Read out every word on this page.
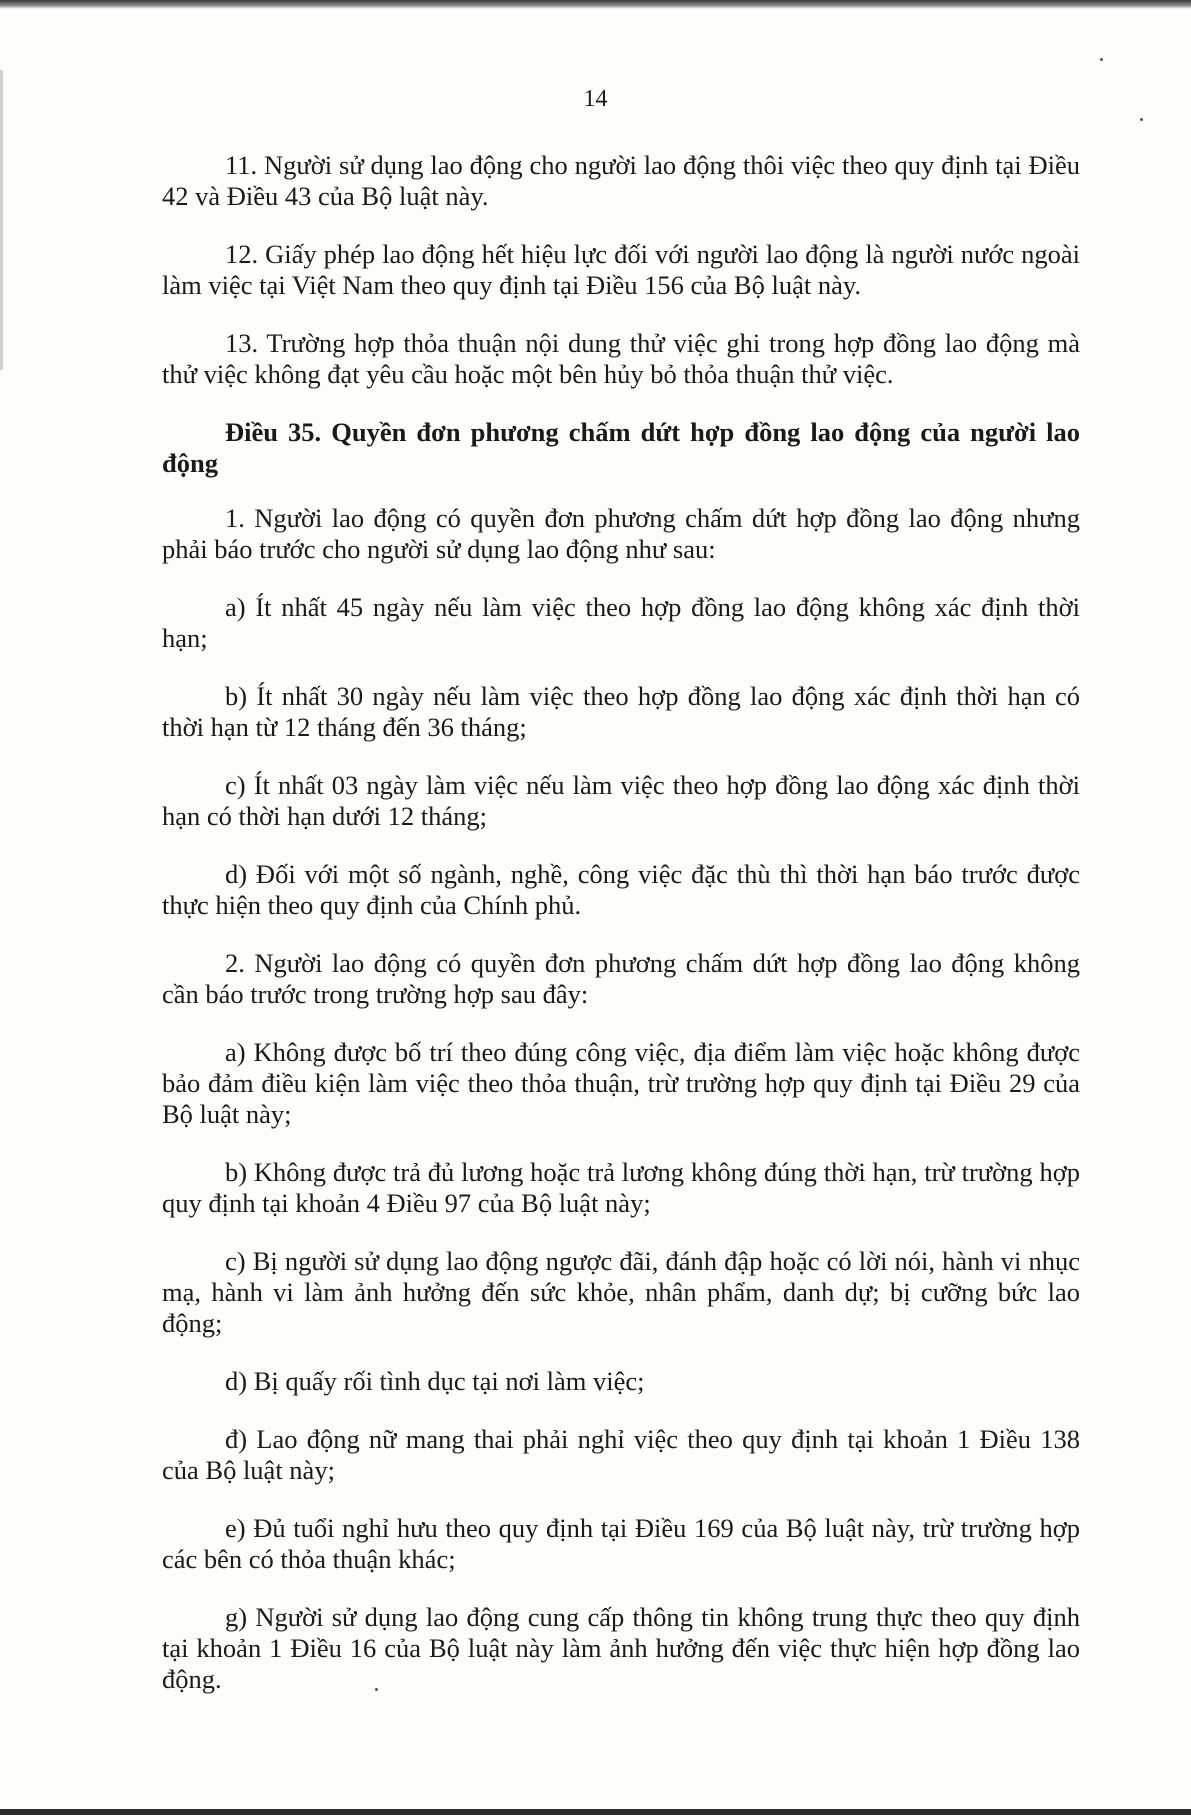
14

11. Người sử dụng lao động cho người lao động thôi việc theo quy định tại Điều 42 và Điều 43 của Bộ luật này.

12. Giấy phép lao động hết hiệu lực đối với người lao động là người nước ngoài làm việc tại Việt Nam theo quy định tại Điều 156 của Bộ luật này.

13. Trường hợp thỏa thuận nội dung thử việc ghi trong hợp đồng lao động mà thử việc không đạt yêu cầu hoặc một bên hủy bỏ thỏa thuận thử việc.

Điều 35. Quyền đơn phương chấm dứt hợp đồng lao động của người lao động

1. Người lao động có quyền đơn phương chấm dứt hợp đồng lao động nhưng phải báo trước cho người sử dụng lao động như sau:

a) Ít nhất 45 ngày nếu làm việc theo hợp đồng lao động không xác định thời hạn;

b) Ít nhất 30 ngày nếu làm việc theo hợp đồng lao động xác định thời hạn có thời hạn từ 12 tháng đến 36 tháng;

c) Ít nhất 03 ngày làm việc nếu làm việc theo hợp đồng lao động xác định thời hạn có thời hạn dưới 12 tháng;

d) Đối với một số ngành, nghề, công việc đặc thù thì thời hạn báo trước được thực hiện theo quy định của Chính phủ.

2. Người lao động có quyền đơn phương chấm dứt hợp đồng lao động không cần báo trước trong trường hợp sau đây:

a) Không được bố trí theo đúng công việc, địa điểm làm việc hoặc không được bảo đảm điều kiện làm việc theo thỏa thuận, trừ trường hợp quy định tại Điều 29 của Bộ luật này;

b) Không được trả đủ lương hoặc trả lương không đúng thời hạn, trừ trường hợp quy định tại khoản 4 Điều 97 của Bộ luật này;

c) Bị người sử dụng lao động ngược đãi, đánh đập hoặc có lời nói, hành vi nhục mạ, hành vi làm ảnh hưởng đến sức khỏe, nhân phẩm, danh dự; bị cưỡng bức lao động;

d) Bị quấy rối tình dục tại nơi làm việc;

đ) Lao động nữ mang thai phải nghỉ việc theo quy định tại khoản 1 Điều 138 của Bộ luật này;

e) Đủ tuổi nghỉ hưu theo quy định tại Điều 169 của Bộ luật này, trừ trường hợp các bên có thỏa thuận khác;

g) Người sử dụng lao động cung cấp thông tin không trung thực theo quy định tại khoản 1 Điều 16 của Bộ luật này làm ảnh hưởng đến việc thực hiện hợp đồng lao động.
